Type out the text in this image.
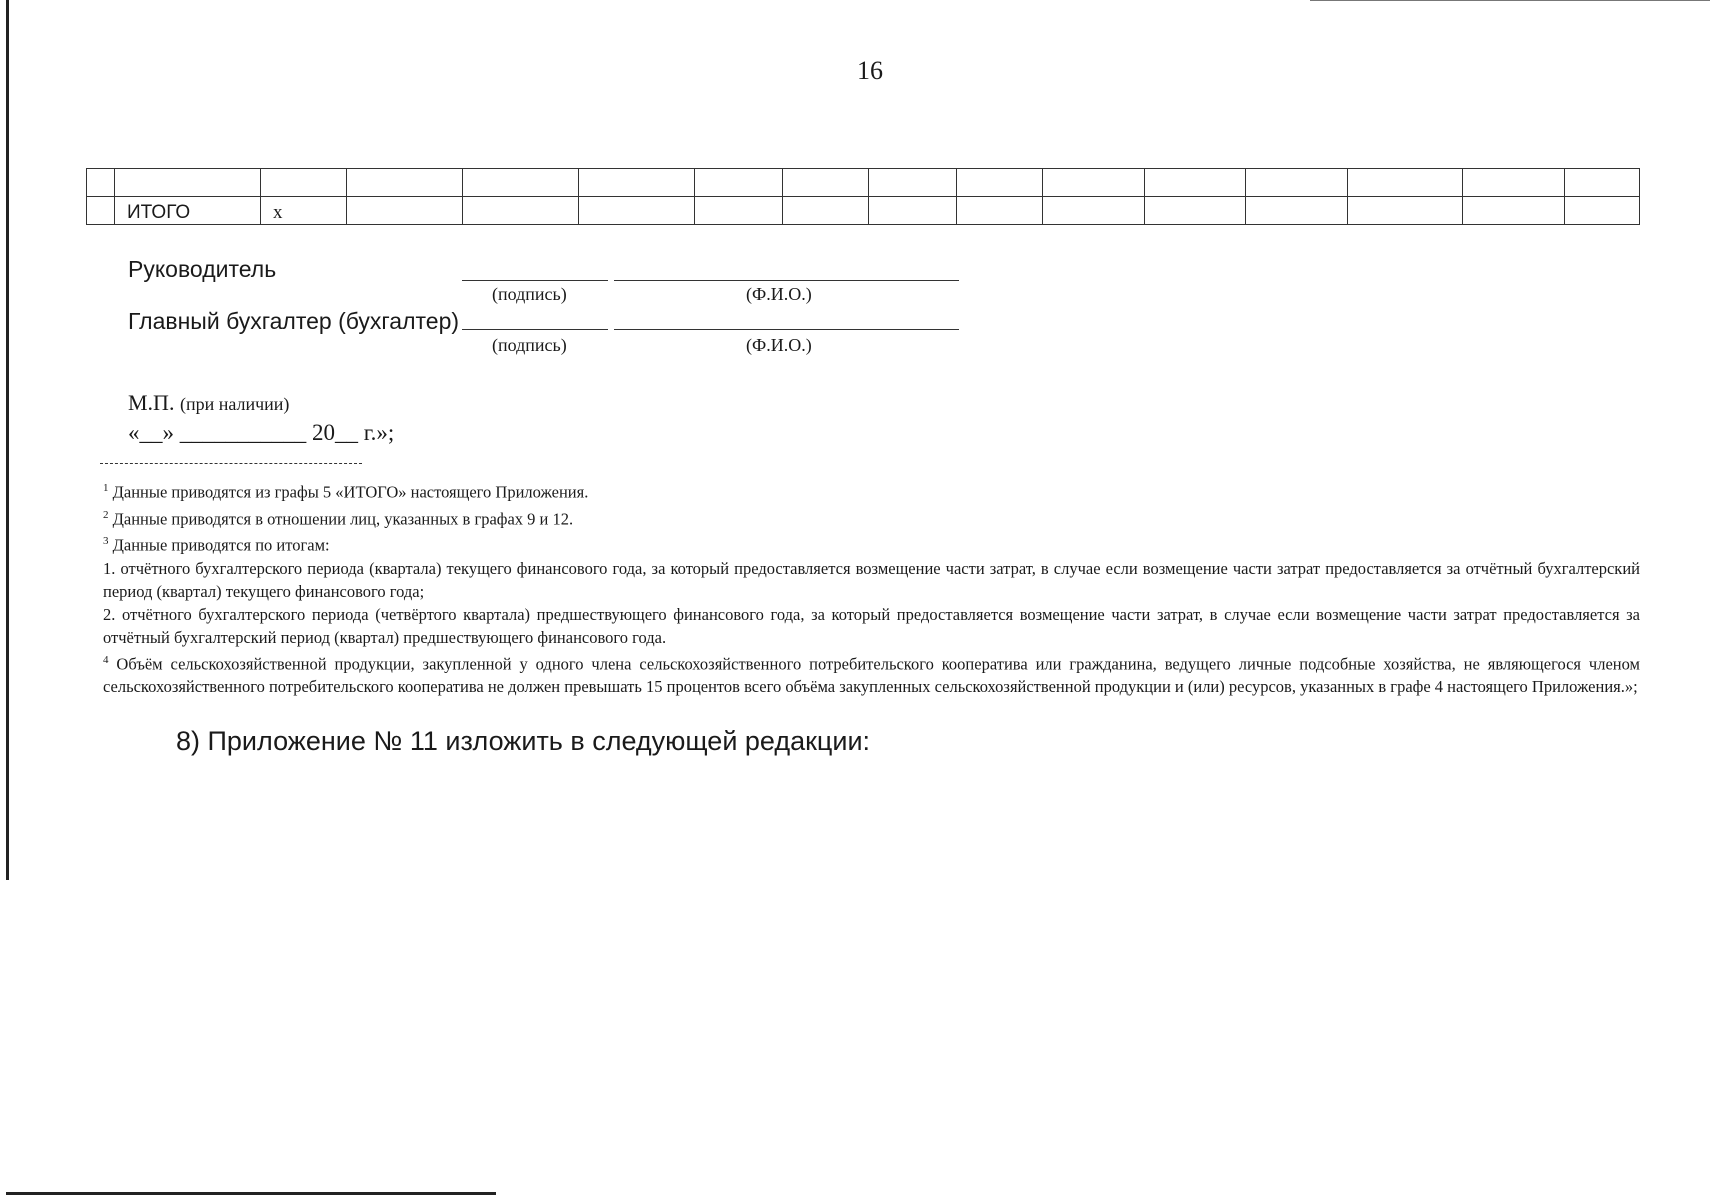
16

	ИТОГО	x													
Руководитель
(подпись)	(Ф.И.О.)
Главный бухгалтер (бухгалтер)
(подпись)	(Ф.И.О.)
М.П. (при наличии)
«__» ___________ 20__ г.»;

$^1$ Данные приводятся из графы 5 «ИТОГО» настоящего Приложения.

$^2$ Данные приводятся в отношении лиц, указанных в графах 9 и 12.

$^3$ Данные приводятся по итогам:

1. отчётного бухгалтерского периода (квартала) текущего финансового года, за который предоставляется возмещение части затрат, в случае если возмещение части затрат предоставляется за отчётный бухгалтерский период (квартал) текущего финансового года;

2. отчётного бухгалтерского периода (четвёртого квартала) предшествующего финансового года, за который предоставляется возмещение части затрат, в случае если возмещение части затрат предоставляется за отчётный бухгалтерский период (квартал) предшествующего финансового года.

$^4$ Объём сельскохозяйственной продукции, закупленной у одного члена сельскохозяйственного потребительского кооператива или гражданина, ведущего личные подсобные хозяйства, не являющегося членом сельскохозяйственного потребительского кооператива не должен превышать 15 процентов всего объёма закупленных сельскохозяйственной продукции и (или) ресурсов, указанных в графе 4 настоящего Приложения.»;

8) Приложение № 11 изложить в следующей редакции:
